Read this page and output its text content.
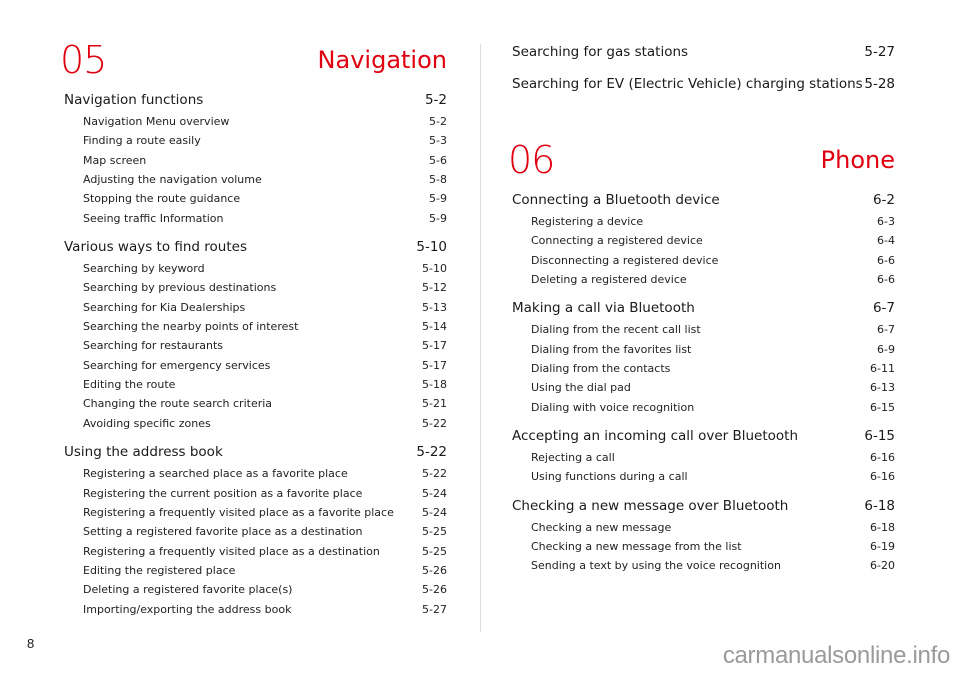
05	Navigation
Navigation functions	5-2
Navigation Menu overview	5-2
Finding a route easily	5-3
Map screen	5-6
Adjusting the navigation volume	5-8
Stopping the route guidance	5-9
Seeing traffic Information	5-9
Various ways to find routes	5-10
Searching by keyword	5-10
Searching by previous destinations	5-12
Searching for Kia Dealerships	5-13
Searching the nearby points of interest	5-14
Searching for restaurants	5-17
Searching for emergency services	5-17
Editing the route	5-18
Changing the route search criteria	5-21
Avoiding specific zones	5-22
Using the address book	5-22
Registering a searched place as a favorite place	5-22
Registering the current position as a favorite place	5-24
Registering a frequently visited place as a favorite place	5-24
Setting a registered favorite place as a destination	5-25
Registering a frequently visited place as a destination	5-25
Editing the registered place	5-26
Deleting a registered favorite place(s)	5-26
Importing/exporting the address book	5-27
Searching for gas stations	5-27
Searching for EV (Electric Vehicle) charging stations 5-28
06	Phone
Connecting a Bluetooth device	6-2
Registering a device	6-3
Connecting a registered device	6-4
Disconnecting a registered device	6-6
Deleting a registered device	6-6
Making a call via Bluetooth	6-7
Dialing from the recent call list	6-7
Dialing from the favorites list	6-9
Dialing from the contacts	6-11
Using the dial pad	6-13
Dialing with voice recognition	6-15
Accepting an incoming call over Bluetooth	6-15
Rejecting a call	6-16
Using functions during a call	6-16
Checking a new message over Bluetooth	6-18
Checking a new message	6-18
Checking a new message from the list	6-19
Sending a text by using the voice recognition	6-20
8	carmanualsonline.info
